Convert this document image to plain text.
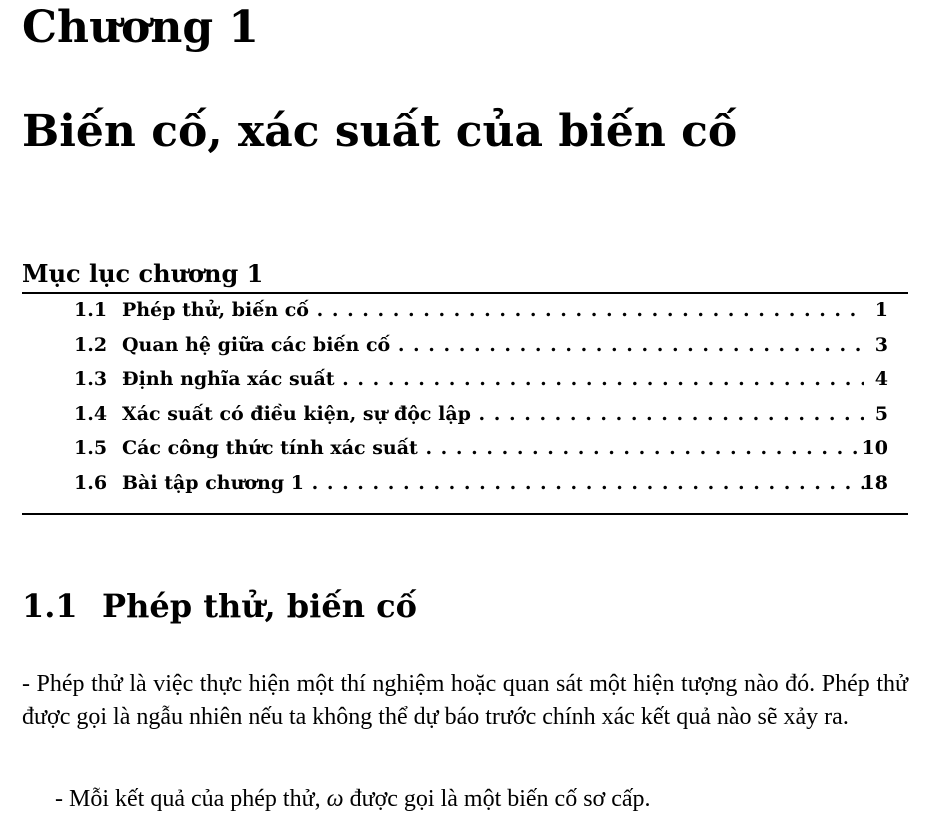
Chương 1
Biến cố, xác suất của biến cố
Mục lục chương 1
1.1 Phép thử, biến cố . . .	1
1.2 Quan hệ giữa các biến cố . . .	3
1.3 Định nghĩa xác suất . . .	4
1.4 Xác suất có điều kiện, sự độc lập . . .	5
1.5 Các công thức tính xác suất . . .	10
1.6 Bài tập chương 1 . . .	18
1.1 Phép thử, biến cố

- Phép thử là việc thực hiện một thí nghiệm hoặc quan sát một hiện tượng nào đó. Phép thử được gọi là ngẫu nhiên nếu ta không thể dự báo trước chính xác kết quả nào sẽ xảy ra.

- Mỗi kết quả của phép thử, ω được gọi là một biến cố sơ cấp.
